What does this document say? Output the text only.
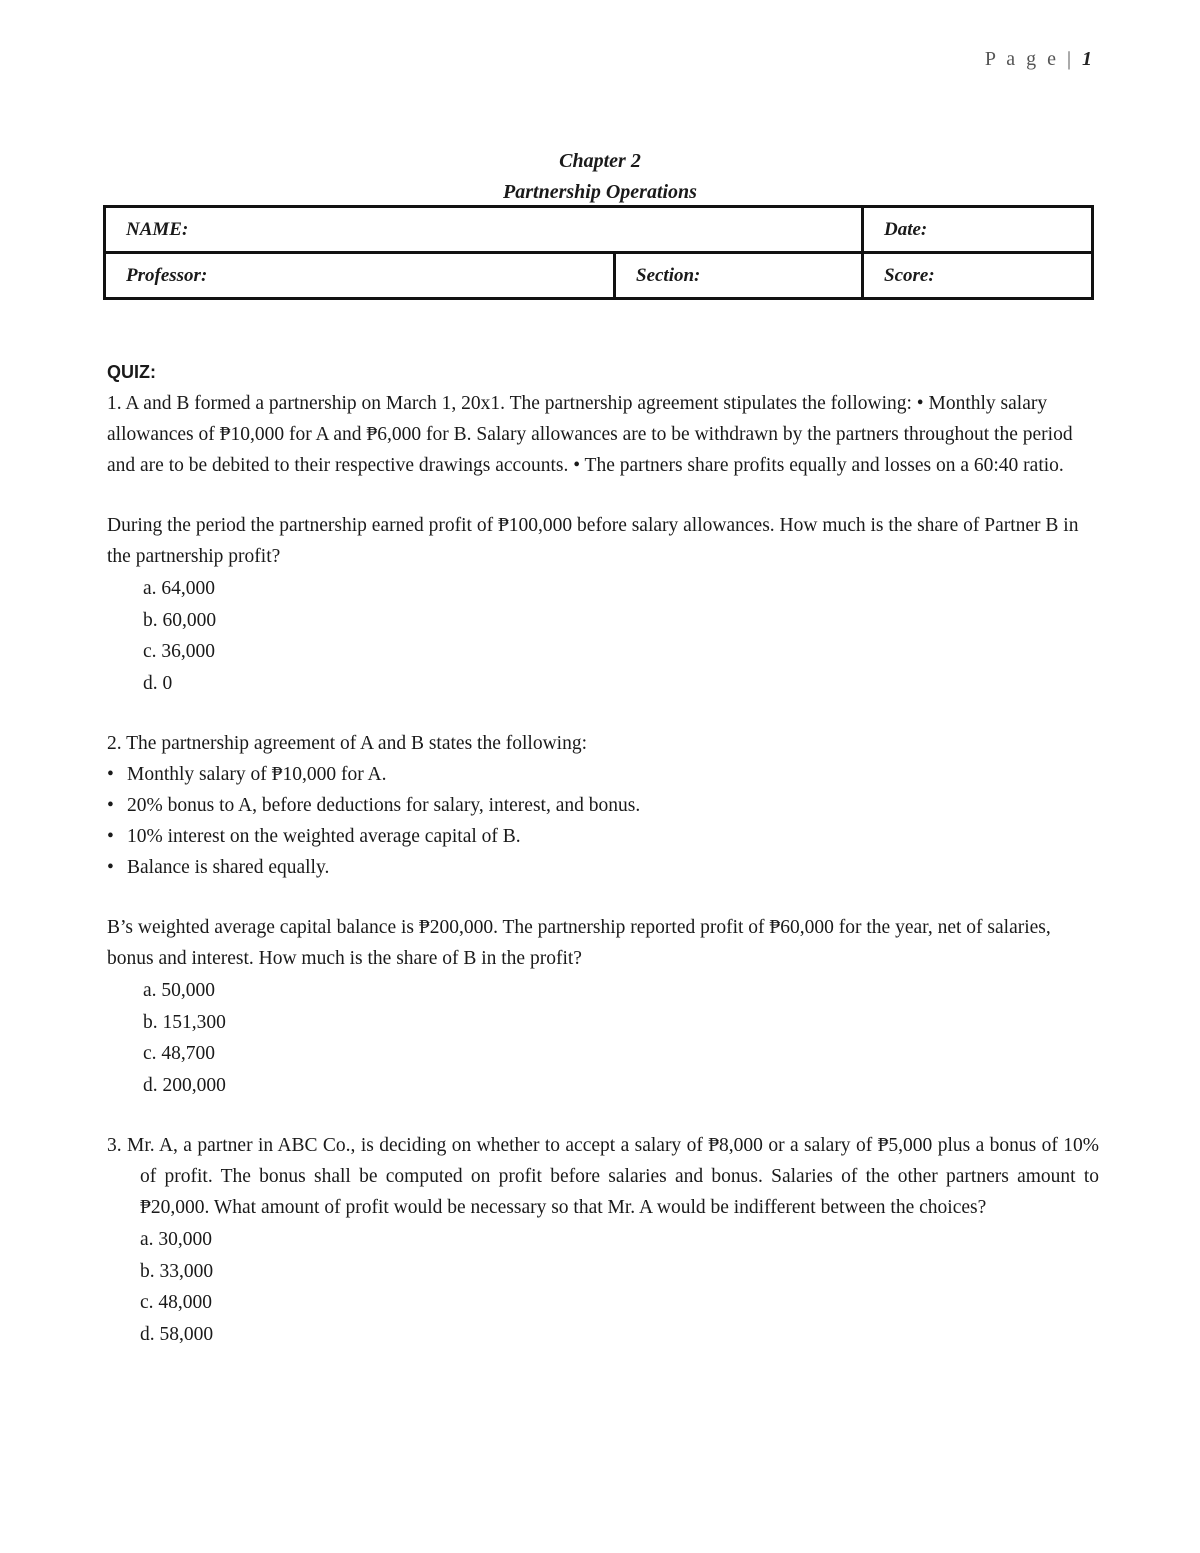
P a g e | 1
Chapter 2
Partnership Operations
NAME:		Date:
Professor:	Section:	Score:
QUIZ:

1. A and B formed a partnership on March 1, 20x1. The partnership agreement stipulates the following: • Monthly salary allowances of ₱10,000 for A and ₱6,000 for B. Salary allowances are to be withdrawn by the partners throughout the period and are to be debited to their respective drawings accounts. • The partners share profits equally and losses on a 60:40 ratio.

During the period the partnership earned profit of ₱100,000 before salary allowances. How much is the share of Partner B in the partnership profit?

a. 64,000
b. 60,000
c. 36,000
d. 0

2. The partnership agreement of A and B states the following:

• Monthly salary of ₱10,000 for A.
• 20% bonus to A, before deductions for salary, interest, and bonus.
• 10% interest on the weighted average capital of B.
• Balance is shared equally.

B’s weighted average capital balance is ₱200,000. The partnership reported profit of ₱60,000 for the year, net of salaries, bonus and interest. How much is the share of B in the profit?

a. 50,000
b. 151,300
c. 48,700
d. 200,000

3. Mr. A, a partner in ABC Co., is deciding on whether to accept a salary of ₱8,000 or a salary of ₱5,000 plus a bonus of 10% of profit. The bonus shall be computed on profit before salaries and bonus. Salaries of the other partners amount to ₱20,000. What amount of profit would be necessary so that Mr. A would be indifferent between the choices?

a. 30,000
b. 33,000
c. 48,000
d. 58,000
